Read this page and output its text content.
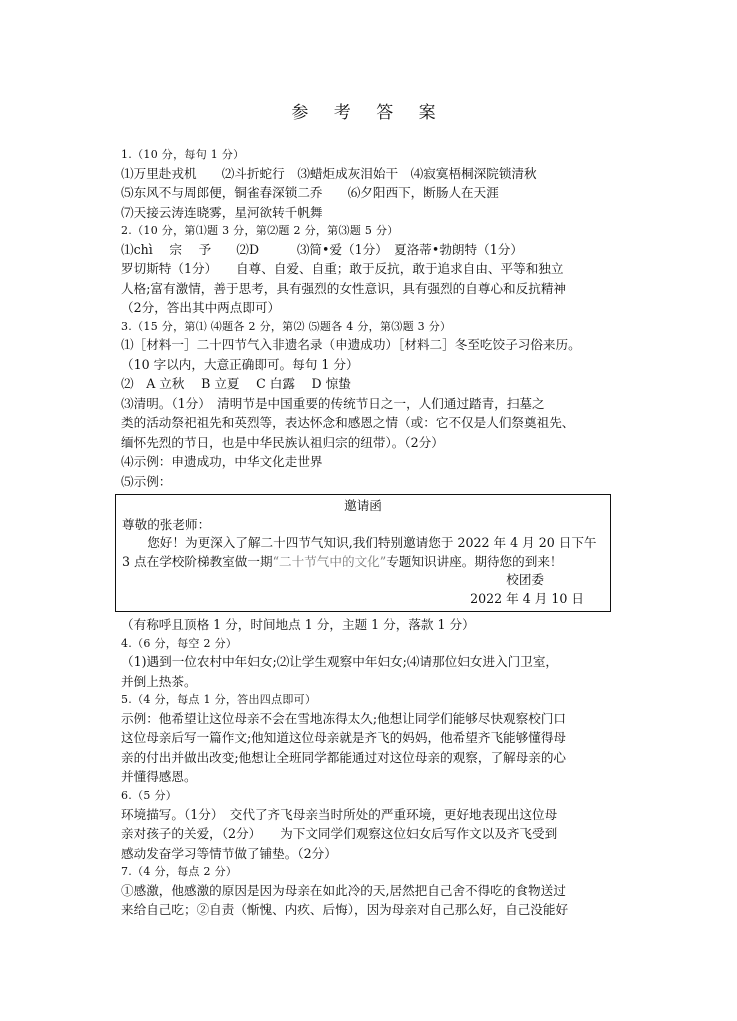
参 考 答 案
1.（10 分，每句 1 分）
⑴万里赴戎机　　⑵斗折蛇行　⑶蜡炬成灰泪始干　⑷寂寞梧桐深院锁清秋
⑸东风不与周郎便，铜雀春深锁二乔　　⑹夕阳西下，断肠人在天涯
⑺天接云涛连晓雾，星河欲转千帆舞
2.（10 分，第⑴题 3 分，第⑵题 2 分，第⑶题 5 分）
⑴chì　 宗　 予　　⑵D　　　⑶简•爱（1分）　夏洛蒂•勃朗特（1分）
罗切斯特（1分）　　自尊、自爱、自重；敢于反抗，敢于追求自由、平等和独立
人格;富有激情，善于思考，具有强烈的女性意识，具有强烈的自尊心和反抗精神
（2分，答出其中两点即可）
3.（15 分，第⑴ ⑷题各 2 分，第⑵ ⑸题各 4 分，第⑶题 3 分）
⑴［材料一］二十四节气入非遗名录（申遗成功）［材料二］冬至吃饺子习俗来历。
（10 字以内，大意正确即可。每句 1 分）
⑵　A 立秋　 B 立夏　 C 白露　 D 惊蛰
⑶清明。（1分）　清明节是中国重要的传统节日之一，人们通过踏青，扫墓之
类的活动祭祀祖先和英烈等，表达怀念和感恩之情（或：它不仅是人们祭奠祖先、
缅怀先烈的节日，也是中华民族认祖归宗的纽带）。（2分）
⑷示例：申遗成功，中华文化走世界
⑸示例：
邀请函
尊敬的张老师：
您好！为更深入了解二十四节气知识,我们特别邀请您于 2022 年 4 月 20 日下午 3 点在学校阶梯教室做一期“二十节气中的文化”专题知识讲座。期待您的到来！
校团委
2022 年 4 月 10 日
（有称呼且顶格 1 分，时间地点 1 分，主题 1 分，落款 1 分）
4.（6 分，每空 2 分）
（1)遇到一位农村中年妇女;⑵让学生观察中年妇女;⑷请那位妇女进入门卫室，
并倒上热茶。
5.（4 分，每点 1 分，答出四点即可）
示例：他希望让这位母亲不会在雪地冻得太久;他想让同学们能够尽快观察校门口
这位母亲后写一篇作文;他知道这位母亲就是齐飞的妈妈，他希望齐飞能够懂得母
亲的付出并做出改变;他想让全班同学都能通过对这位母亲的观察，了解母亲的心
并懂得感恩。
6.（5 分）
环境描写。（1分）　交代了齐飞母亲当时所处的严重环境，更好地表现出这位母
亲对孩子的关爱，（2分）　　为下文同学们观察这位妇女后写作文以及齐飞受到
感动发奋学习等情节做了铺垫。（2分）
7.（4 分，每点 2 分）
①感激，他感激的原因是因为母亲在如此冷的天,居然把自己舍不得吃的食物送过
来给自己吃；②自责（惭愧、内疚、后悔），因为母亲对自己那么好，自己没能好
